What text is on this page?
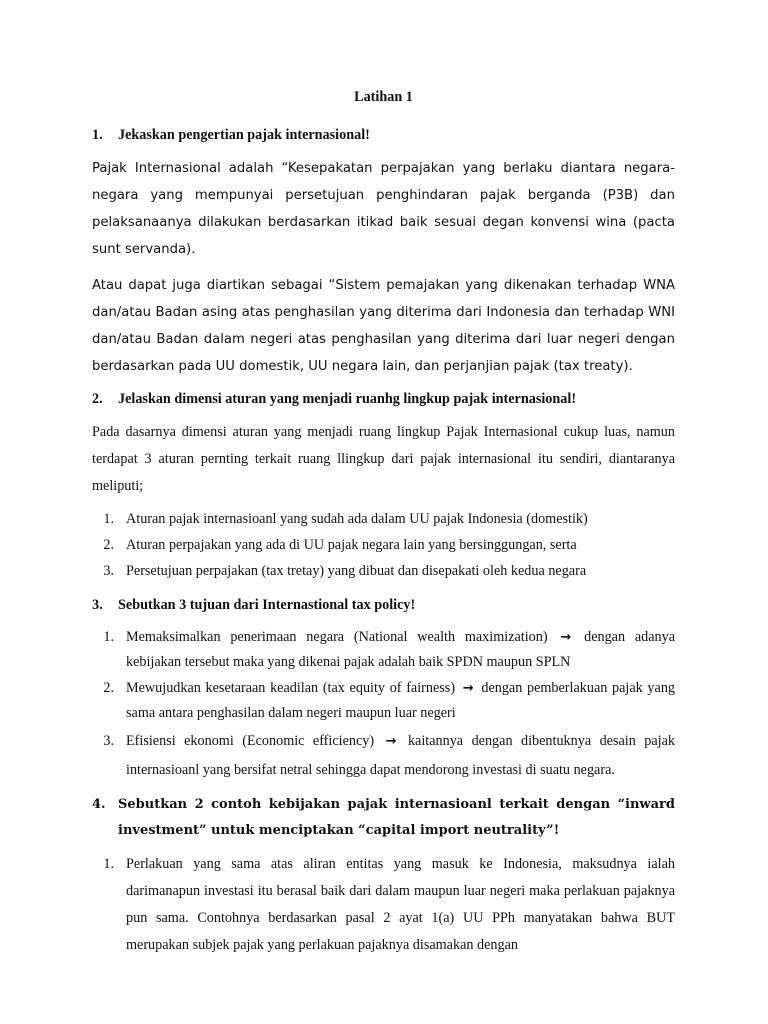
Latihan 1
1.	Jekaskan pengertian pajak internasional!
Pajak Internasional adalah “Kesepakatan perpajakan yang berlaku diantara negara-negara yang mempunyai persetujuan penghindaran pajak berganda (P3B) dan pelaksanaanya dilakukan berdasarkan itikad baik sesuai degan konvensi wina (pacta sunt servanda).
Atau dapat juga diartikan sebagai “Sistem pemajakan yang dikenakan terhadap WNA dan/atau Badan asing atas penghasilan yang diterima dari Indonesia dan terhadap WNI dan/atau Badan dalam negeri atas penghasilan yang diterima dari luar negeri dengan berdasarkan pada UU domestik, UU negara lain, dan perjanjian pajak (tax treaty).
2.	Jelaskan dimensi aturan yang menjadi ruanhg lingkup pajak internasional!
Pada dasarnya dimensi aturan yang menjadi ruang lingkup Pajak Internasional cukup luas, namun terdapat 3 aturan pernting terkait ruang llingkup dari pajak internasional itu sendiri, diantaranya meliputi;
1. Aturan pajak internasioanl yang sudah ada dalam UU pajak Indonesia (domestik)
2. Aturan perpajakan yang ada di UU pajak negara lain yang bersinggungan, serta
3. Persetujuan perpajakan (tax tretay) yang dibuat dan disepakati oleh kedua negara
3.	Sebutkan 3 tujuan dari Internastional tax policy!
1. Memaksimalkan penerimaan negara (National wealth maximization) → dengan adanya kebijakan tersebut maka yang dikenai pajak adalah baik SPDN maupun SPLN
2. Mewujudkan kesetaraan keadilan (tax equity of fairness) → dengan pemberlakuan pajak yang sama antara penghasilan dalam negeri maupun luar negeri
3. Efisiensi ekonomi (Economic efficiency) → kaitannya dengan dibentuknya desain pajak internasioanl yang bersifat netral sehingga dapat mendorong investasi di suatu negara.
4. Sebutkan 2 contoh kebijakan pajak internasioanl terkait dengan “inward investment” untuk menciptakan “capital import neutrality”!
1. Perlakuan yang sama atas aliran entitas yang masuk ke Indonesia, maksudnya ialah darimanapun investasi itu berasal baik dari dalam maupun luar negeri maka perlakuan pajaknya pun sama. Contohnya berdasarkan pasal 2 ayat 1(a) UU PPh manyatakan bahwa BUT merupakan subjek pajak yang perlakuan pajaknya disamakan dengan
